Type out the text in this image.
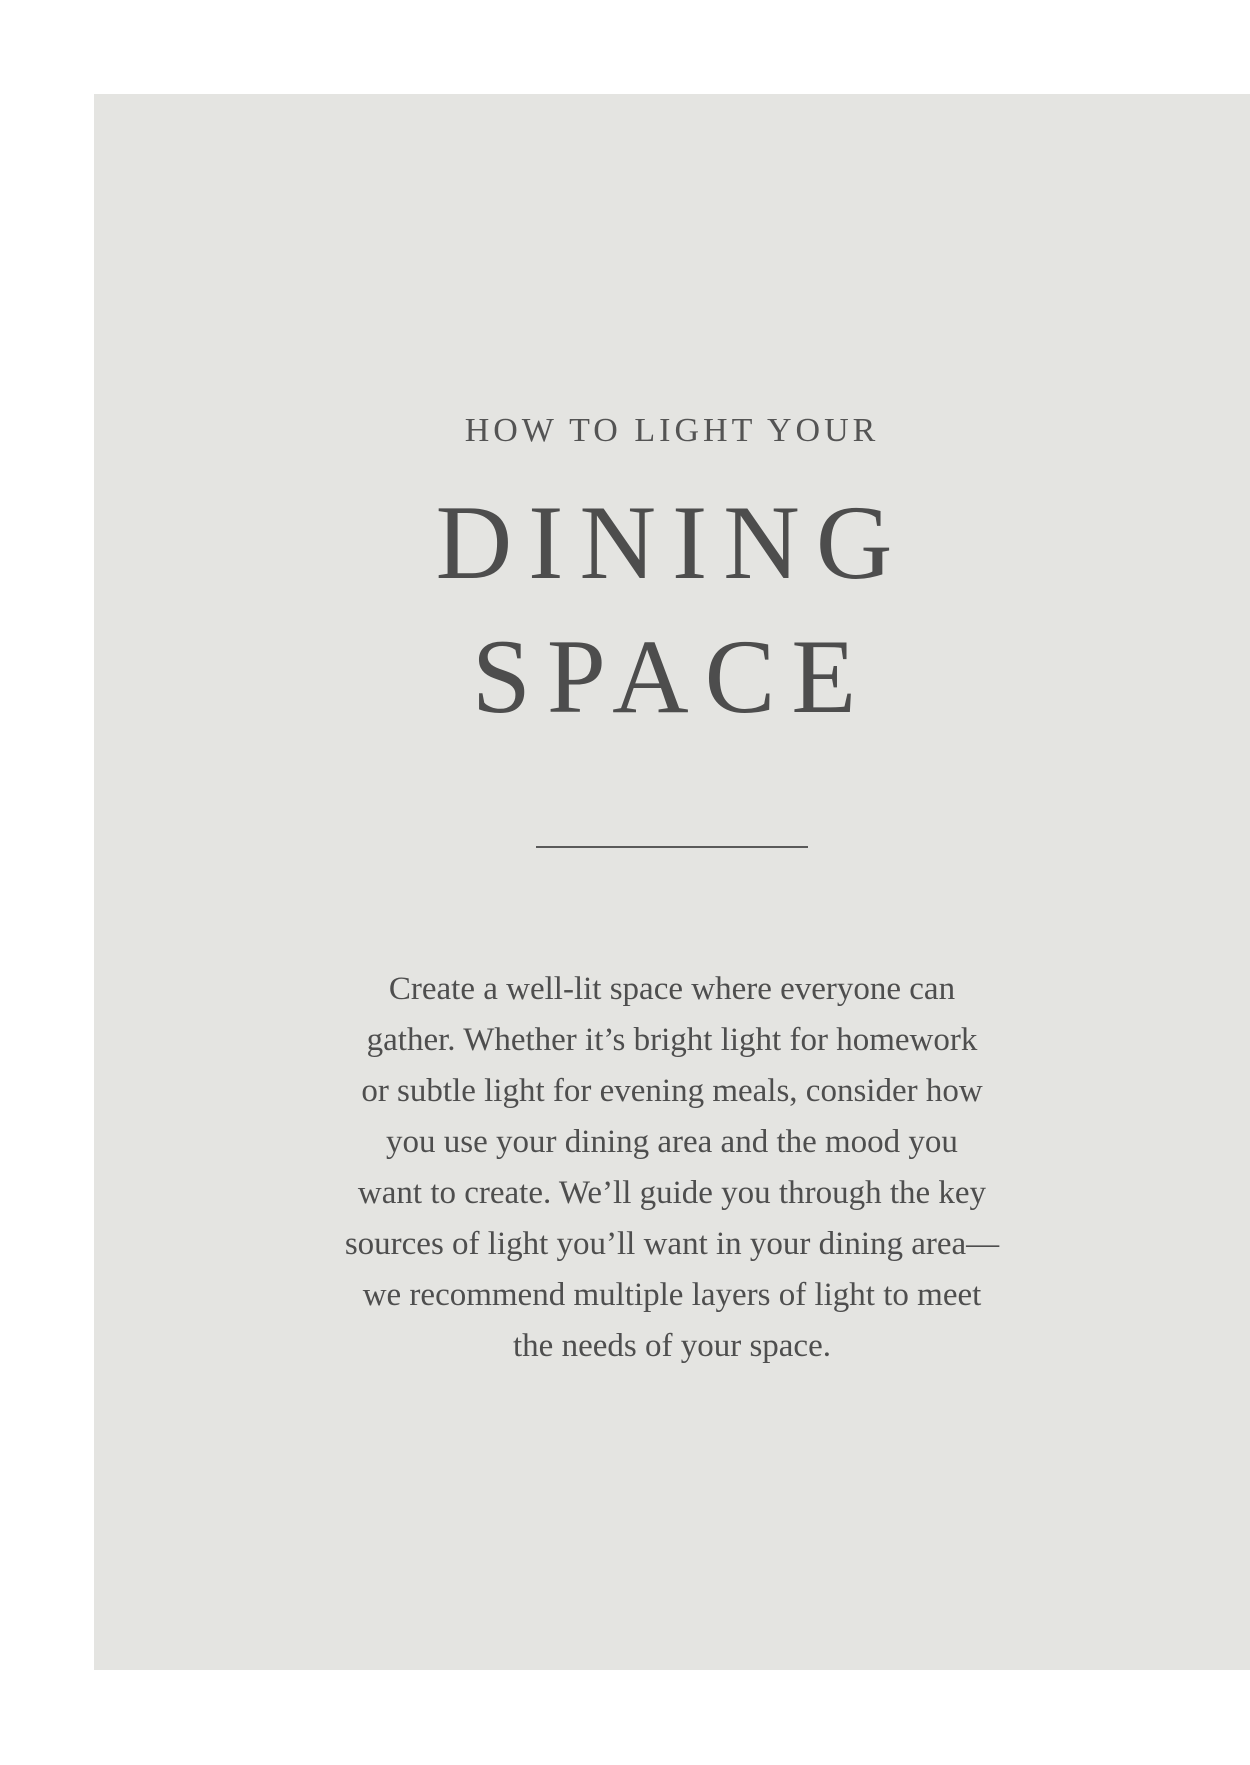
HOW TO LIGHT YOUR
DINING
SPACE
Create a well-lit space where everyone can
gather. Whether it’s bright light for homework
or subtle light for evening meals, consider how
you use your dining area and the mood you
want to create. We’ll guide you through the key
sources of light you’ll want in your dining area—
we recommend multiple layers of light to meet
the needs of your space.
